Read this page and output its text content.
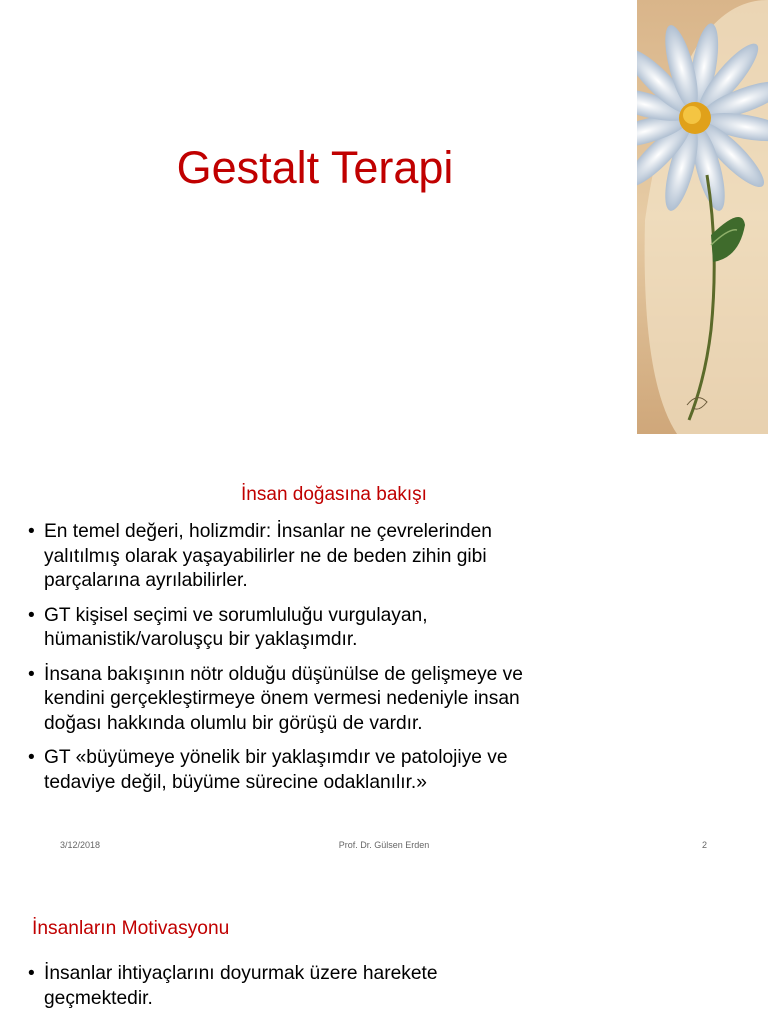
Gestalt Terapi
İnsan doğasına bakışı
• En temel değeri, holizmdir: İnsanlar ne çevrelerinden
yalıtılmış olarak yaşayabilirler ne de beden zihin gibi
parçalarına ayrılabilirler.
• GT kişisel seçimi ve sorumluluğu vurgulayan,
hümanistik/varoluşçu bir yaklaşımdır.
• İnsana bakışının nötr olduğu düşünülse de gelişmeye ve
kendini gerçekleştirmeye önem vermesi nedeniyle insan
doğası hakkında olumlu bir görüşü de vardır.
• GT «büyümeye yönelik bir yaklaşımdır ve patolojiye ve
tedaviye değil, büyüme sürecine odaklanılır.»
3/12/2018	Prof. Dr. Gülsen Erden	2
İnsanların Motivasyonu
• İnsanlar ihtiyaçlarını doyurmak üzere harekete
geçmektedir.
